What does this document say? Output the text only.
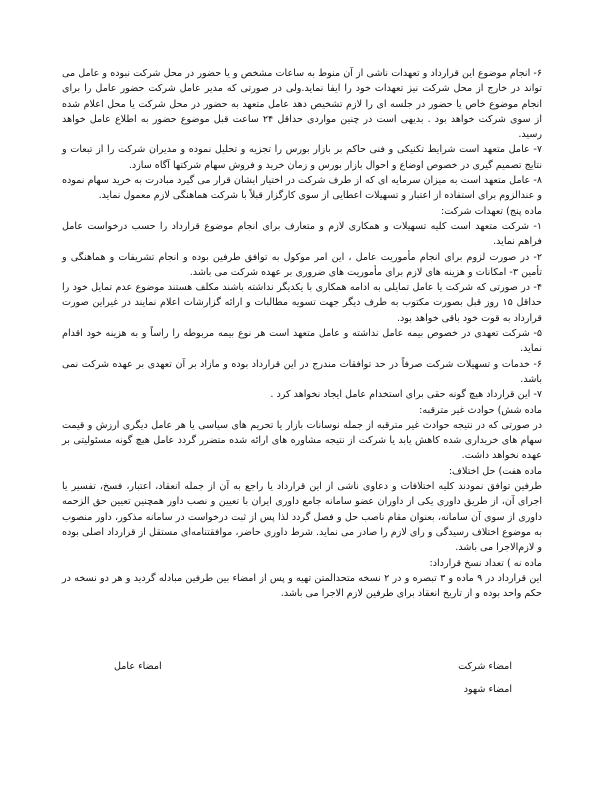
۶- انجام موضوع این قرارداد و تعهدات ناشی از آن منوط به ساعات مشخص و یا حضور در محل شرکت نبوده و عامل می تواند در خارج از محل شرکت نیز تعهدات خود را ایفا نماید.ولی در صورتی که مدیر عامل شرکت حضور عامل را برای انجام موضوع خاص یا حضور در جلسه ای را لازم تشخیص دهد عامل متعهد به حضور در محل شرکت یا محل اعلام شده از سوی شرکت خواهد بود . بدیهی است در چنین مواردی حداقل ۲۴ ساعت قبل موضوع حضور به اطلاع عامل خواهد رسید.

۷- عامل متعهد است شرایط تکنیکی و فنی حاکم بر بازار بورس را تجزیه و تحلیل نموده و مدیران شرکت را از تبعات و نتایج تصمیم گیری در خصوص اوضاع و احوال بازار بورس و زمان خرید و فروش سهام شرکتها آگاه سازد.

۸- عامل متعهد است به میزان سرمایه ای که از طرف شرکت در اختیار ایشان قرار می گیرد مبادرت به خرید سهام نموده و عندالزوم برای استفاده از اعتبار و تسهیلات اعطایی از سوی کارگزار قبلاً با شرکت هماهنگی لازم معمول نماید.

ماده پنج) تعهدات شرکت:

۱- شرکت متعهد است کلیه تسهیلات و همکاری لازم و متعارف برای انجام موضوع قرارداد را حسب درخواست عامل فراهم نماید.

۲- در صورت لزوم برای انجام مأموریت عامل ، این امر موکول به توافق طرفین بوده و انجام تشریفات و هماهنگی و تأمین ۳- امکانات و هزینه های لازم برای مأموریت های ضروری بر عهده شرکت می باشد.

۴- در صورتی که شرکت یا عامل تمایلی به ادامه همکاری با یکدیگر نداشته باشند مکلف هستند موضوع عدم تمایل خود را حداقل ۱۵ روز قبل بصورت مکتوب به طرف دیگر جهت تسویه مطالبات و ارائه گزارشات اعلام نمایند در غیراین صورت قرارداد به قوت خود باقی خواهد بود.

۵- شرکت تعهدی در خصوص بیمه عامل نداشته و عامل متعهد است هر نوع بیمه مربوطه را راساً و به هزینه خود اقدام نماید.

۶- خدمات و تسهیلات شرکت صرفاً در حد توافقات مندرج در این قرارداد بوده و مازاد بر آن تعهدی بر عهده شرکت نمی باشد.

۷- این قرارداد هیچ گونه حقی برای استخدام عامل ایجاد نخواهد کرد .

ماده شش) حوادث غیر مترقبه:

در صورتی که در نتیجه حوادث غیر مترقبه از جمله نوسانات بازار یا تحریم های سیاسی یا هر عامل دیگری ارزش و قیمت سهام های خریداری شده کاهش یابد یا شرکت از نتیجه مشاوره های ارائه شده متضرر گردد عامل هیچ گونه مسئولیتی بر عهده نخواهد داشت.

ماده هفت) حل اختلاف:

طرفین توافق نمودند کلیه اختلافات و دعاوی ناشی از این قرارداد یا راجع به آن از جمله انعقاد، اعتبار، فسخ، تفسیر یا اجرای آن، از طریق داوری یکی از داوران عضو سامانه جامع داوری ایران با تعیین و نصب داور همچنین تعیین حق الزحمه داوری از سوی آن سامانه، بعنوان مقام ناصب حل و فصل گردد لذا پس از ثبت درخواست در سامانه مذکور، داور منصوب به موضوع اختلاف رسیدگی و رای لازم را صادر می نماید. شرط داوری حاضر، موافقتنامه‌ای مستقل از قرارداد اصلی بوده و لازم‌الاجرا می باشد.

ماده نه ) تعداد نسخ قرارداد:

این قرارداد در ۹ ماده و ۳ تبصره و در ۲ نسخه متحدالمتن تهیه و پس از امضاء بین طرفین مبادله گردید و هر دو نسخه در حکم واحد بوده و از تاریخ انعقاد برای طرفین لازم الاجرا می باشد.

امضاء شرکت
امضاء شهود
امضاء عامل
